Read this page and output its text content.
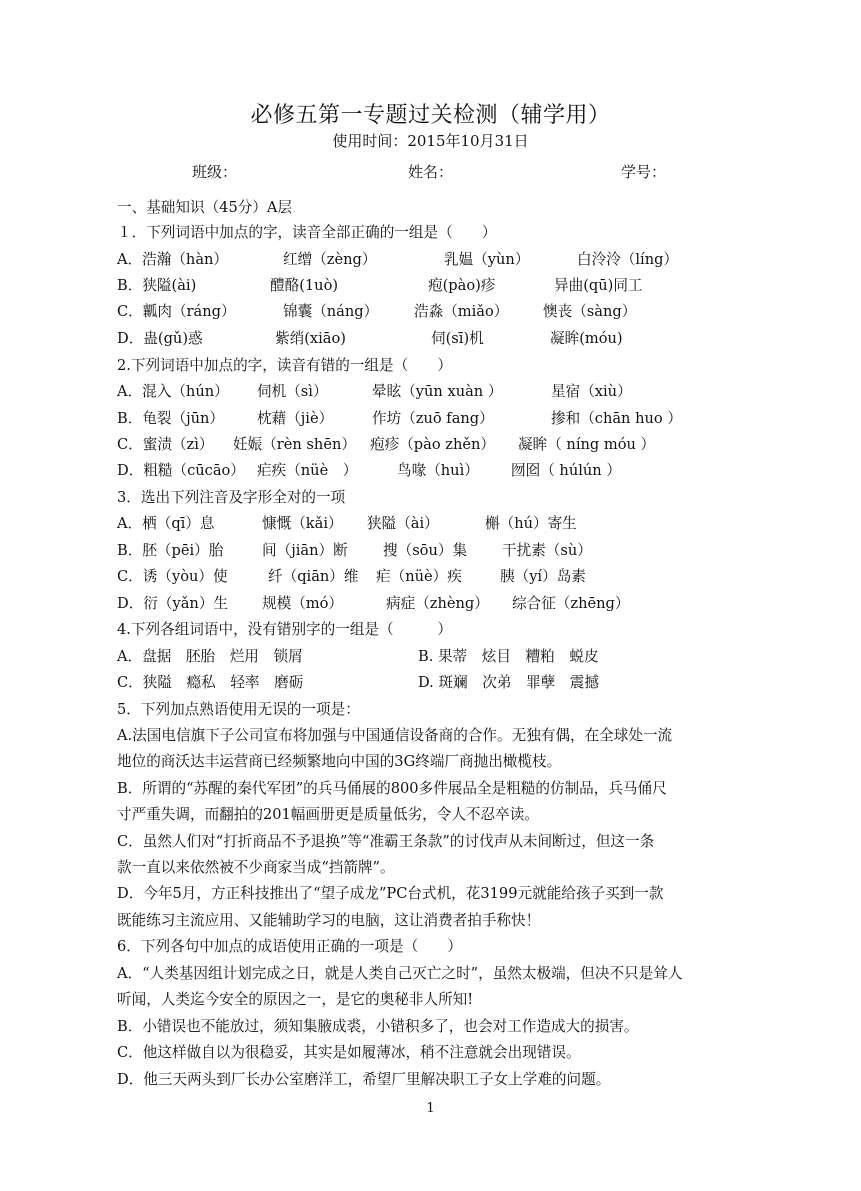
必修五第一专题过关检测（辅学用）
使用时间：2015年10月31日
班级：	姓名：	学号：
一、基础知识（45分）A层
１．下列词语中加点的字，读音全部正确的一组是（　　）
A．浩瀚（hàn）	红缯（zèng）	乳媪（yùn）	白泠泠（líng）
B．狭隘(ài)	醴酪(1uò)	疱(pào)疹	异曲(qū)同工
C．瓤肉（ráng）	锦囊（náng） 浩淼（miǎo） 懊丧（sàng）
D．蛊(gǔ)惑	紫绡(xiāo)	伺(sī)机	凝眸(móu)
2.下列词语中加点的字，读音有错的一组是（　　）
A．混入（hún） 伺机（sì）	晕眩（yūn xuàn ）	星宿（xiù）
B．龟裂（jūn） 枕藉（jiè）	作坊（zuō fang）	掺和（chān huo ）
C．蜜渍（zì） 妊娠（rèn shēn） 疱疹（pào zhěn） 凝眸（ níng móu ）
D．粗糙（cūcāo） 疟疾（nüè　）	鸟喙（huì） 囫囵（ húlún ）
3．选出下列注音及字形全对的一项
A．栖（qī）息	慷慨（kǎi） 狭隘（ài）	槲（hú）寄生
B．胚（pēi）胎	间（jiān）断 搜（sōu）集 干扰素（sù）
C．诱（yòu）使	纤（qiān）维 疟（nüè）疾	胰（yí）岛素
D．衍（yǎn）生 规模（mó）	病症（zhènɡ） 综合征（zhēnɡ）
4.下列各组词语中，没有错别字的一组是（　　　）
A．盘据　胚胎　烂用　锁屑	B. 果蒂　炫目　糟粕　蜕皮
C．狭隘　瘾私　轻率　磨砺	D. 斑斓　次弟　罪孽　震撼
5．下列加点熟语使用无误的一项是：
A.法国电信旗下子公司宣布将加强与中国通信设备商的合作。无独有偶，在全球处一流
地位的商沃达丰运营商已经频繁地向中国的3G终端厂商抛出橄榄枝。
B．所谓的“苏醒的秦代军团”的兵马俑展的800多件展品全是粗糙的仿制品，兵马俑尺
寸严重失调，而翻拍的201幅画册更是质量低劣，令人不忍卒读。
C．虽然人们对“打折商品不予退换”等“准霸王条款”的讨伐声从未间断过，但这一条
款一直以来依然被不少商家当成“挡箭牌”。
D．今年5月，方正科技推出了“望子成龙”PC台式机，花3199元就能给孩子买到一款
既能练习主流应用、又能辅助学习的电脑，这让消费者拍手称快！
6．下列各句中加点的成语使用正确的一项是（　　）
A．“人类基因组计划完成之日，就是人类自己灭亡之时”，虽然太极端，但决不只是耸人
听闻，人类迄今安全的原因之一，是它的奥秘非人所知!
B．小错误也不能放过，须知集腋成裘，小错积多了，也会对工作造成大的损害。
C．他这样做自以为很稳妥，其实是如履薄冰，稍不注意就会出现错误。
D．他三天两头到厂长办公室磨洋工，希望厂里解决职工子女上学难的问题。
1
